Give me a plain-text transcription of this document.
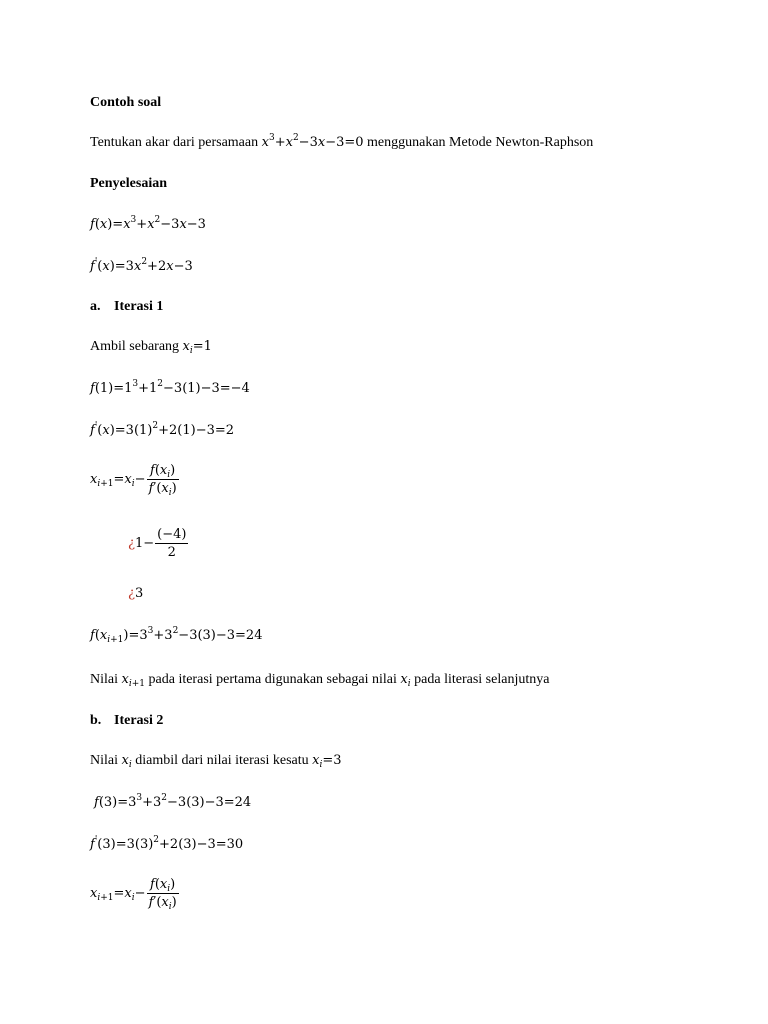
Contoh soal
Tentukan akar dari persamaan $x^3+x^2-3x-3=0$ menggunakan Metode Newton-Raphson
Penyelesaian
$f(x)=x^3+x^2-3x-3$
$f'(x)=3x^2+2x-3$
a. Iterasi 1
Ambil sebarang $x_i=1$
$f(1)=1^3+1^2-3(1)-3=-4$
$f'(x)=3(1)^2+2(1)-3=2$
$x_{i+1}=x_i- \frac{f(x_i)}{f'(x_i)}$
¿$1- \frac{(-4)}{2}$
¿3
$f(x_{i+1})=3^3+3^2-3(3)-3=24$
Nilai $x_{i+1}$ pada iterasi pertama digunakan sebagai nilai $x_i$ pada literasi selanjutnya
b. Iterasi 2
Nilai $x_i$ diambil dari nilai iterasi kesatu $x_i=3$
$f(3)=3^3+3^2-3(3)-3=24$
$f'(3)=3(3)^2+2(3)-3=30$
$x_{i+1}=x_i- \frac{f(x_i)}{f'(x_i)}$
